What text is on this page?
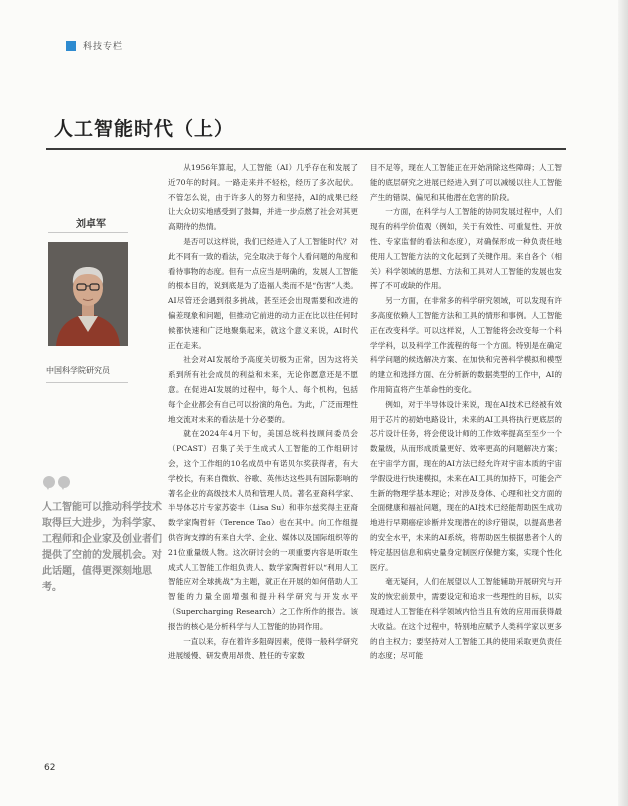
科技专栏
人工智能时代（上）
刘卓军
中国科学院研究员

人工智能可以推动科学技术取得巨大进步，为科学家、工程师和企业家及创业者们提供了空前的发展机会。对此话题，值得更深刻地思考。

从1956年算起，人工智能（AI）几乎存在和发展了近70年的时间。一路走来并不轻松，经历了多次起伏。不管怎么说，由于许多人的努力和坚持，AI的成果已经让大众切实地感受到了鼓舞，并进一步点燃了社会对其更高期待的热情。

是否可以这样说，我们已经进入了人工智能时代？对此不同有一致的看法，完全取决于每个人看问题的角度和看待事物的态度。但有一点应当是明确的，发展人工智能的根本目的，说到底是为了造福人类而不是“伤害”人类。AI尽管还会遇到很多挑战，甚至还会出现需要和改进的偏差现象和问题，但推动它前进的动力正在比以往任何时候都快速和广泛地聚集起来，就这个意义来说，AI时代正在走来。

社会对AI发展给予高度关切极为正常，因为这将关系到所有社会成员的利益和未来，无论你愿意还是不愿意。在促进AI发展的过程中，每个人、每个机构，包括每个企业都会有自己可以扮演的角色。为此，广泛而理性地交流对未来的看法是十分必要的。

就在2024年4月下旬，美国总统科技顾问委员会（PCAST）召集了关于生成式人工智能的工作组研讨会，这个工作组的10名成员中有诺贝尔奖获得者，有大学校长，有来自微软、谷歌、英伟达这些具有国际影响的著名企业的高级技术人员和管理人员。著名亚裔科学家、半导体芯片专家苏姿丰（Lisa Su）和菲尔兹奖得主亚裔数学家陶哲轩（Terence Tao）也在其中。向工作组提供咨询支撑的有来自大学、企业、媒体以及国际组织等的21位重量级人物。这次研讨会的一项重要内容是听取生成式人工智能工作组负责人、数学家陶哲轩以“利用人工智能应对全球挑战”为主题，就正在开展的如何借助人工智能的力量全面增强和提升科学研究与开发水平（Supercharging Research）之工作所作的报告。该报告的核心是分析科学与人工智能的协同作用。

一直以来，存在着许多阻碍因素，使得一般科学研究进展缓慢、研发费用昂贵、胜任的专家数

目不足等，现在人工智能正在开始消除这些障碍；人工智能的底层研究之进展已经进入到了可以减缓以往人工智能产生的错误、偏见和其他潜在危害的阶段。

一方面，在科学与人工智能的协同发展过程中，人们现有的科学价值观（例如，关于有效性、可重复性、开放性、专家监督的看法和态度），对确保形成一种负责任地使用人工智能方法的文化起到了关键作用。来自各个（相关）科学领域的思想、方法和工具对人工智能的发展也发挥了不可或缺的作用。

另一方面，在非常多的科学研究领域，可以发现有许多高度依赖人工智能方法和工具的情形和事例。人工智能正在改变科学。可以这样说，人工智能将会改变每一个科学学科，以及科学工作流程的每一个方面。特别是在确定科学问题的候选解决方案、在加快和完善科学模拟和模型的建立和选择方面、在分析新的数据类型的工作中，AI的作用简直将产生革命性的变化。

例如，对于半导体设计来说，现在AI技术已经被有效用于芯片的初始电路设计，未来的AI工具将执行更底层的芯片设计任务，将会使设计师的工作效率提高至至少一个数量级，从而形成质量更好、效率更高的问题解决方案；在宇宙学方面，现在的AI方法已经允许对宇宙本质的宇宙学假设进行快速模拟，未来在AI工具的加持下，可能会产生新的物理学基本理论；对涉及身体、心理和社交方面的全面健康和福祉问题，现在的AI技术已经能帮助医生成功地进行早期癌症诊断并发现潜在的诊疗错误，以提高患者的安全水平，未来的AI系统，将帮助医生根据患者个人的特定基因信息和病史量身定制医疗保健方案，实现个性化医疗。

毫无疑问，人们在展望以人工智能辅助开展研究与开发的恢宏前景中，需要设定和追求一些理性的目标，以实现通过人工智能在科学领域内恰当且有效的应用而获得最大收益。在这个过程中，特别地应赋予人类科学家以更多的自主权力；要坚持对人工智能工具的使用采取更负责任的态度；尽可能

62
